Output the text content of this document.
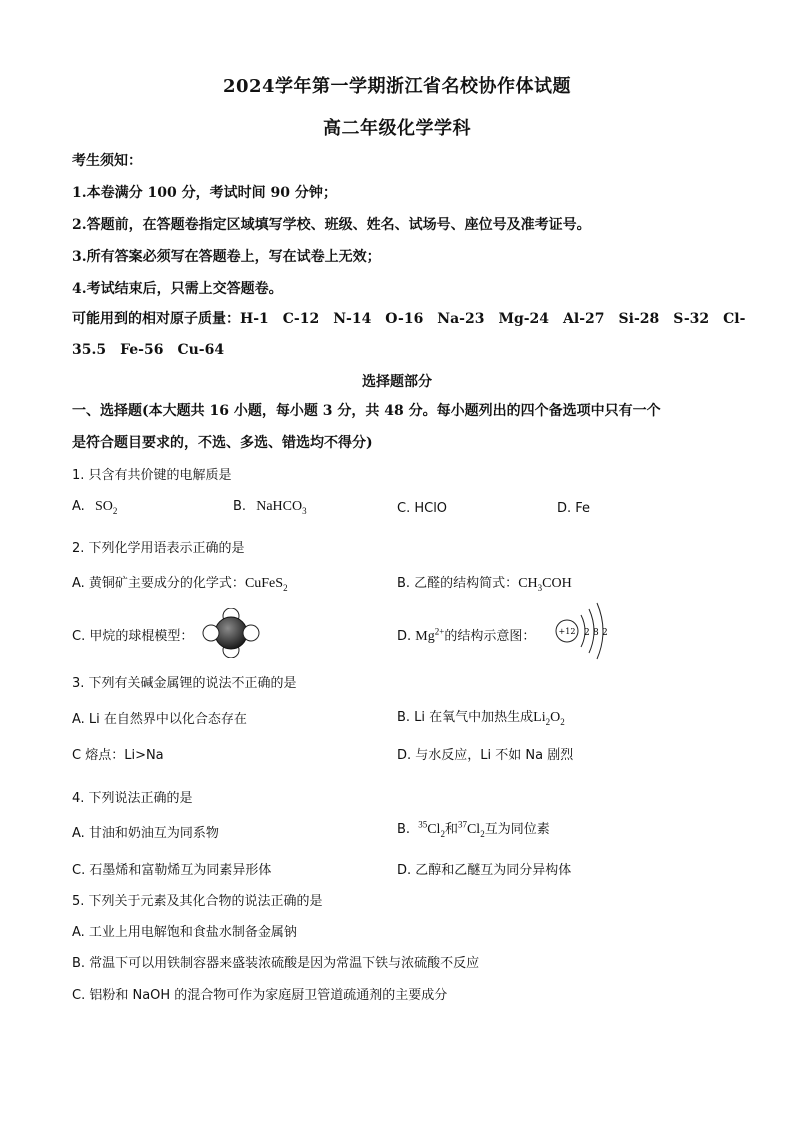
2024学年第一学期浙江省名校协作体试题
高二年级化学学科
考生须知：
1.本卷满分 100 分，考试时间 90 分钟；
2.答题前，在答题卷指定区域填写学校、班级、姓名、试场号、座位号及准考证号。
3.所有答案必须写在答题卷上，写在试卷上无效；
4.考试结束后，只需上交答题卷。
可能用到的相对原子质量：H-1　C-12　N-14　O-16　Na-23　Mg-24　Al-27　Si-28　S-32　Cl-
35.5　Fe-56　Cu-64
选择题部分
一、选择题(本大题共 16 小题，每小题 3 分，共 48 分。每小题列出的四个备选项中只有一个
是符合题目要求的，不选、多选、错选均不得分)
1. 只含有共价键的电解质是
A. $SO_2$	B. NaHCO$_3$	C. HClO	D. Fe
2. 下列化学用语表示正确的是
A. 黄铜矿主要成分的化学式：CuFeS$_2$	B. 乙醛的结构简式：$CH_3COH$
C. 甲烷的球棍模型：	D. $Mg^{2+}$的结构示意图：	+12 2 8 2
3. 下列有关碱金属锂的说法不正确的是
A. Li 在自然界中以化合态存在	B. Li 在氧气中加热生成$Li_2O_2$
C 熔点：Li>Na	D. 与水反应，Li 不如 Na 剧烈
4. 下列说法正确的是
A. 甘油和奶油互为同系物	B. $^{35}Cl_2$和$^{37}Cl_2$互为同位素
C. 石墨烯和富勒烯互为同素异形体	D. 乙醇和乙醚互为同分异构体
5. 下列关于元素及其化合物的说法正确的是
A. 工业上用电解饱和食盐水制备金属钠
B. 常温下可以用铁制容器来盛装浓硫酸是因为常温下铁与浓硫酸不反应
C. 铝粉和 NaOH 的混合物可作为家庭厨卫管道疏通剂的主要成分
